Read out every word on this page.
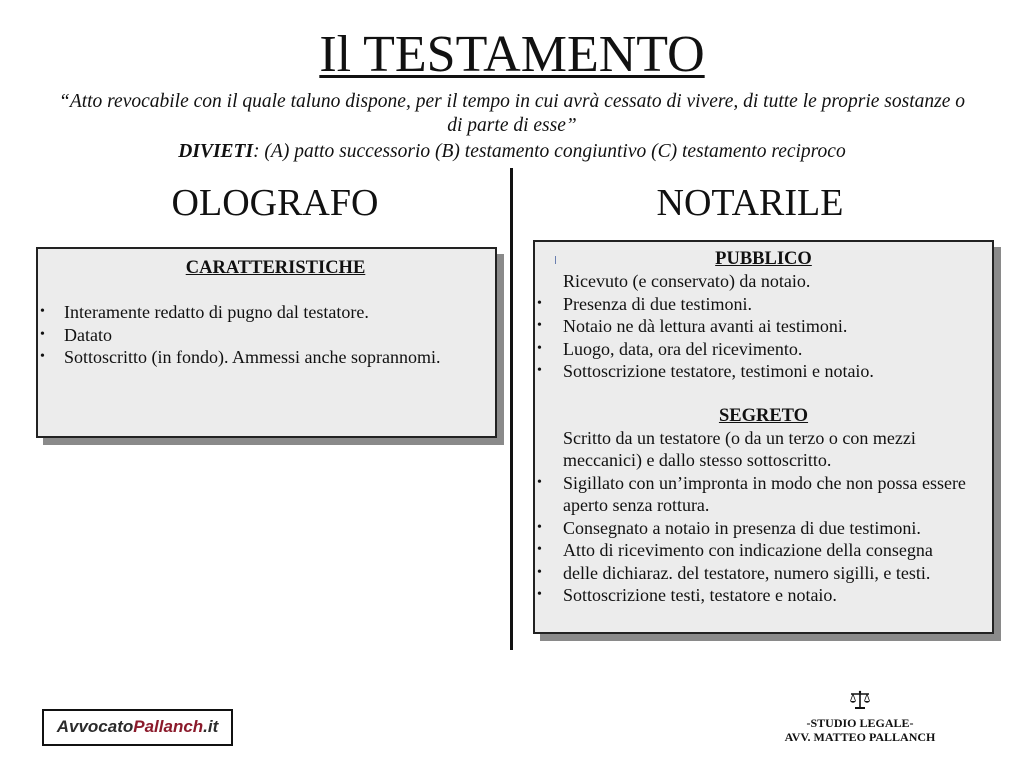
Il TESTAMENTO
“Atto revocabile con il quale taluno dispone, per il tempo in cui avrà cessato di vivere, di tutte le proprie sostanze o di parte di esse”
DIVIETI: (A) patto successorio (B) testamento congiuntivo (C) testamento reciproco
OLOGRAFO	NOTARILE
CARATTERISTICHE
• Interamente redatto di pugno dal testatore.
• Datato
• Sottoscritto (in fondo). Ammessi anche soprannomi.
PUBBLICO
Ricevuto (e conservato) da notaio.
• Presenza di due testimoni.
• Notaio ne dà lettura avanti ai testimoni.
• Luogo, data, ora del ricevimento.
• Sottoscrizione testatore, testimoni e notaio.
SEGRETO
Scritto da un testatore (o da un terzo o con mezzi meccanici) e dallo stesso sottoscritto.
• Sigillato con un’impronta in modo che non possa essere aperto senza rottura.
• Consegnato a notaio in presenza di due testimoni.
• Atto di ricevimento con indicazione della consegna
• delle dichiaraz. del testatore, numero sigilli, e testi.
• Sottoscrizione testi, testatore e notaio.
AvvocatoPallanch.it	-STUDIO LEGALE-
AVV. MATTEO PALLANCH
